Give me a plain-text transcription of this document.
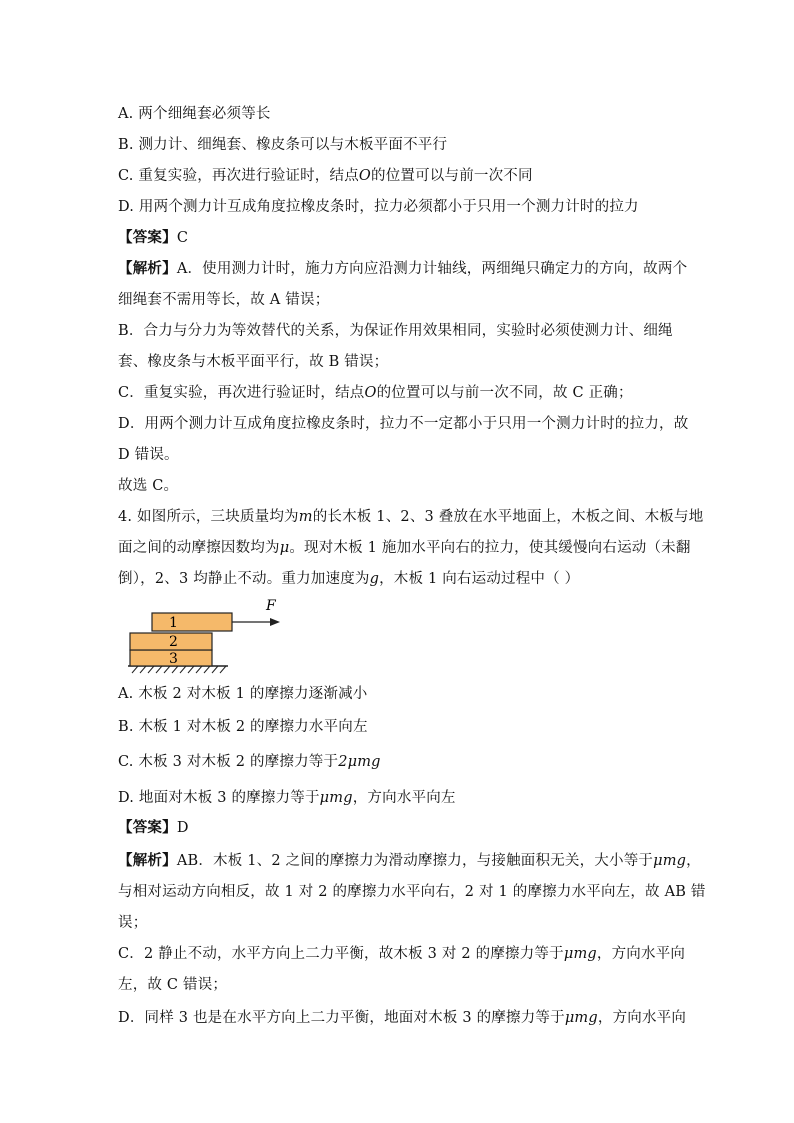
A. 两个细绳套必须等长
B. 测力计、细绳套、橡皮条可以与木板平面不平行
C. 重复实验，再次进行验证时，结点O的位置可以与前一次不同
D. 用两个测力计互成角度拉橡皮条时，拉力必须都小于只用一个测力计时的拉力
【答案】C
【解析】A．使用测力计时，施力方向应沿测力计轴线，两细绳只确定力的方向，故两个
细绳套不需用等长，故 A 错误；
B．合力与分力为等效替代的关系，为保证作用效果相同，实验时必须使测力计、细绳
套、橡皮条与木板平面平行，故 B 错误；
C．重复实验，再次进行验证时，结点O的位置可以与前一次不同，故 C 正确；
D．用两个测力计互成角度拉橡皮条时，拉力不一定都小于只用一个测力计时的拉力，故
D 错误。
故选 C。
4. 如图所示，三块质量均为m的长木板 1、2、3 叠放在水平地面上，木板之间、木板与地
面之间的动摩擦因数均为μ。现对木板 1 施加水平向右的拉力，使其缓慢向右运动（未翻
倒），2、3 均静止不动。重力加速度为g，木板 1 向右运动过程中（ ）
3
2
1
F
A. 木板 2 对木板 1 的摩擦力逐渐减小
B. 木板 1 对木板 2 的摩擦力水平向左
C. 木板 3 对木板 2 的摩擦力等于2μmg
D. 地面对木板 3 的摩擦力等于μmg，方向水平向左
【答案】D
【解析】AB．木板 1、2 之间的摩擦力为滑动摩擦力，与接触面积无关，大小等于μmg，
与相对运动方向相反，故 1 对 2 的摩擦力水平向右，2 对 1 的摩擦力水平向左，故 AB 错
误；
C．2 静止不动，水平方向上二力平衡，故木板 3 对 2 的摩擦力等于μmg，方向水平向
左，故 C 错误；
D．同样 3 也是在水平方向上二力平衡，地面对木板 3 的摩擦力等于μmg，方向水平向
